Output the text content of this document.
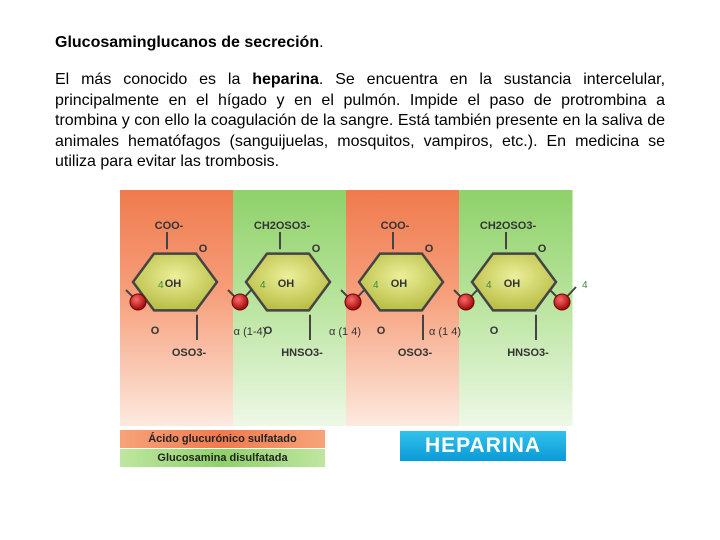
Glucosaminglucanos de secreción.
El más conocido es la heparina. Se encuentra en la sustancia intercelular, principalmente en el hígado y en el pulmón. Impide el paso de protrombina a trombina y con ello la coagulación de la sangre. Está también presente en la saliva de animales hematófagos (sanguijuelas, mosquitos, vampiros, etc.). En medicina se utiliza para evitar las trombosis.
COO-
O
OH
O
OSO3-
CH2OSO3-
O
OH
O
HNSO3-
COO-
O
OH
O
OSO3-
CH2OSO3-
O
OH
O
HNSO3-
4	4	4	4	4
α (1-4)	α (1 4)	α (1 4)
Ácido glucurónico sulfatado
Glucosamina disulfatada
HEPARINA
